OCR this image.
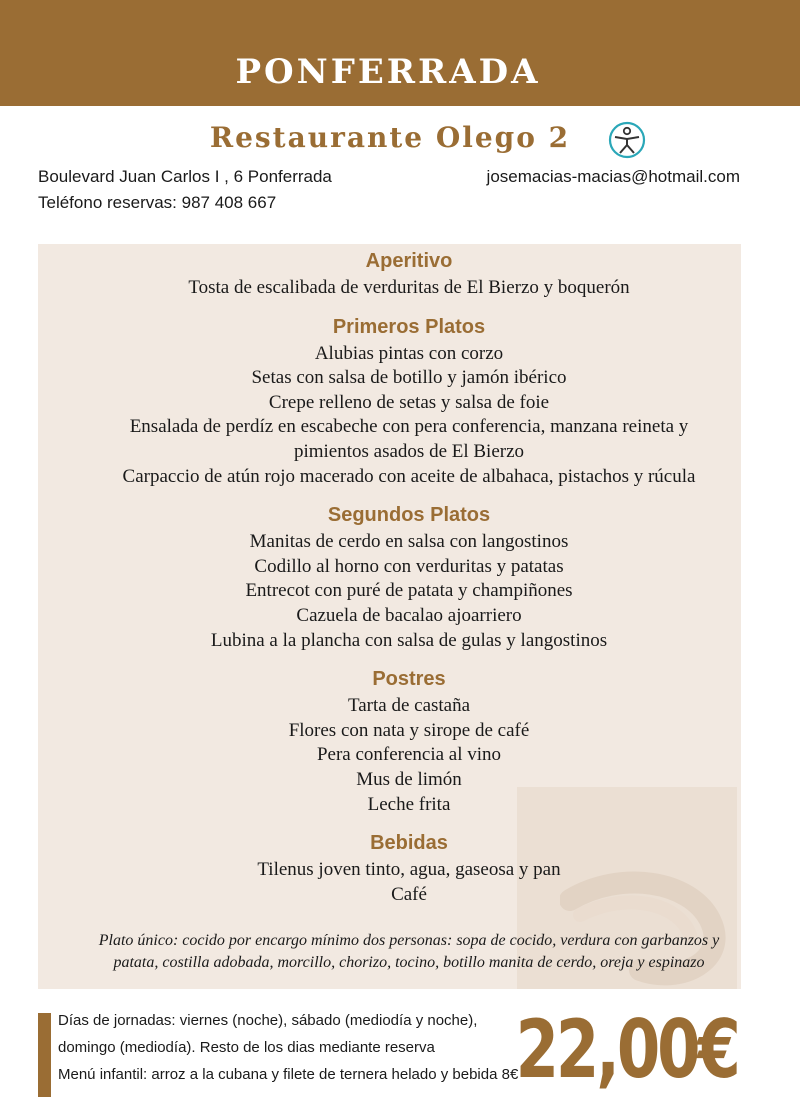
PONFERRADA
Restaurante Olego 2
Boulevard Juan Carlos I , 6 Ponferrada
Teléfono reservas: 987 408 667
josemacias-macias@hotmail.com
Aperitivo
Tosta de escalibada de verduritas de El Bierzo y boquerón
Primeros Platos
Alubias pintas con corzo
Setas con salsa de botillo y jamón ibérico
Crepe relleno de setas y salsa de foie
Ensalada de perdíz en escabeche con pera conferencia, manzana reineta y
pimientos asados de El Bierzo
Carpaccio de atún rojo macerado con aceite de albahaca, pistachos y rúcula
Segundos Platos
Manitas de cerdo en salsa con langostinos
Codillo al horno con verduritas y patatas
Entrecot con puré de patata y champiñones
Cazuela de bacalao ajoarriero
Lubina a la plancha con salsa de gulas y langostinos
Postres
Tarta de castaña
Flores con nata y sirope de café
Pera conferencia al vino
Mus de limón
Leche frita
Bebidas
Tilenus joven tinto, agua, gaseosa y pan
Café
Plato único: cocido por encargo mínimo dos personas: sopa de cocido, verdura con garbanzos y
patata, costilla adobada, morcillo, chorizo, tocino, botillo manita de cerdo, oreja y espinazo
Días de jornadas: viernes (noche), sábado (mediodía y noche),
domingo (mediodía). Resto de los dias mediante reserva
Menú infantil: arroz a la cubana y filete de ternera helado y bebida 8€
22,00€
